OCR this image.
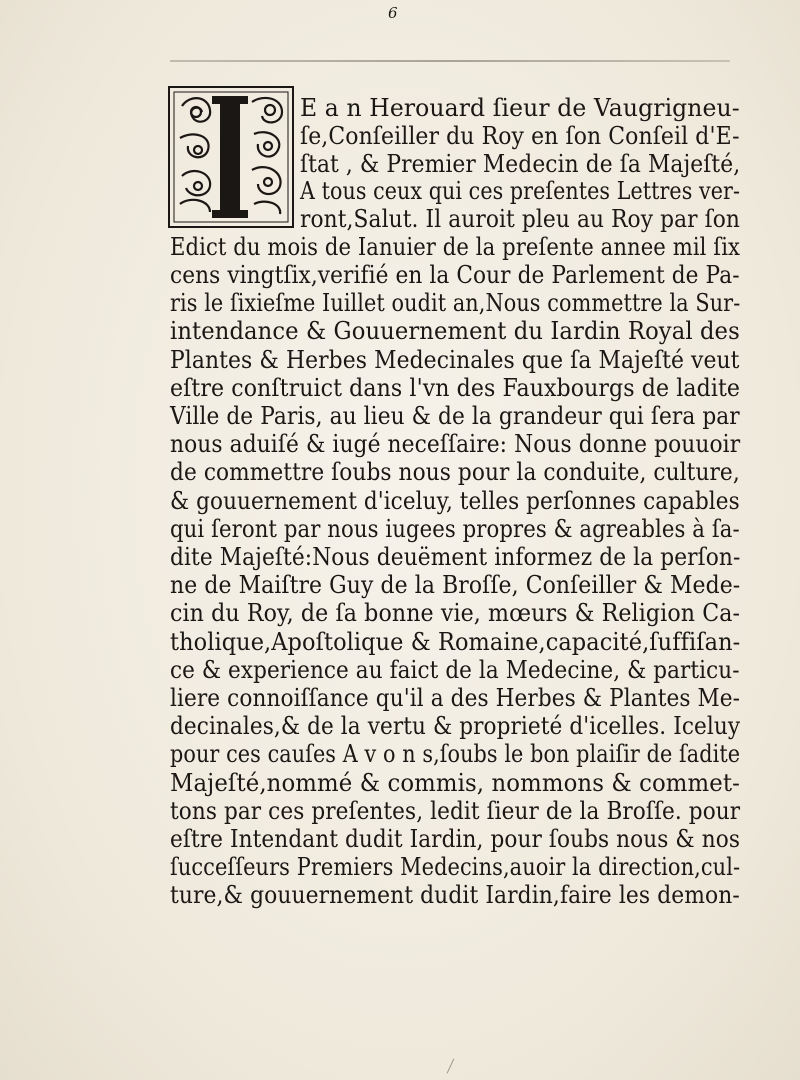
6
E a n Herouard ſieur de Vaugrigneu-
ſe,Conſeiller du Roy en ſon Conſeil d'E-
ſtat , & Premier Medecin de ſa Majeſté,
A tous ceux qui ces preſentes Lettres ver-
ront,Salut. Il auroit pleu au Roy par ſon
Edict du mois de Ianuier de la preſente annee mil ſix
cens vingtſix,verifié en la Cour de Parlement de Pa-
ris le ſixieſme Iuillet oudit an,Nous commettre la Sur-
intendance & Gouuernement du Iardin Royal des
Plantes & Herbes Medecinales que ſa Majeſté veut
eſtre conſtruict dans l'vn des Fauxbourgs de ladite
Ville de Paris, au lieu & de la grandeur qui ſera par
nous aduiſé & iugé neceſſaire: Nous donne pouuoir
de commettre ſoubs nous pour la conduite, culture,
& gouuernement d'iceluy, telles perſonnes capables
qui ſeront par nous iugees propres & agreables à ſa-
dite Majeſté:Nous deuëment informez de la perſon-
ne de Maiſtre Guy de la Broſſe, Conſeiller & Mede-
cin du Roy, de ſa bonne vie, mœurs & Religion Ca-
tholique,Apoſtolique & Romaine,capacité,ſuffiſan-
ce & experience au faict de la Medecine, & particu-
liere connoiſſance qu'il a des Herbes & Plantes Me-
decinales,& de la vertu & proprieté d'icelles. Iceluy
pour ces cauſes A v o n s,ſoubs le bon plaiſir de ſadite
Majeſté,nommé & commis, nommons & commet-
tons par ces preſentes, ledit ſieur de la Broſſe. pour
eſtre Intendant dudit Iardin, pour ſoubs nous & nos
ſucceſſeurs Premiers Medecins,auoir la direction,cul-
ture,& gouuernement dudit Iardin,faire les demon-
